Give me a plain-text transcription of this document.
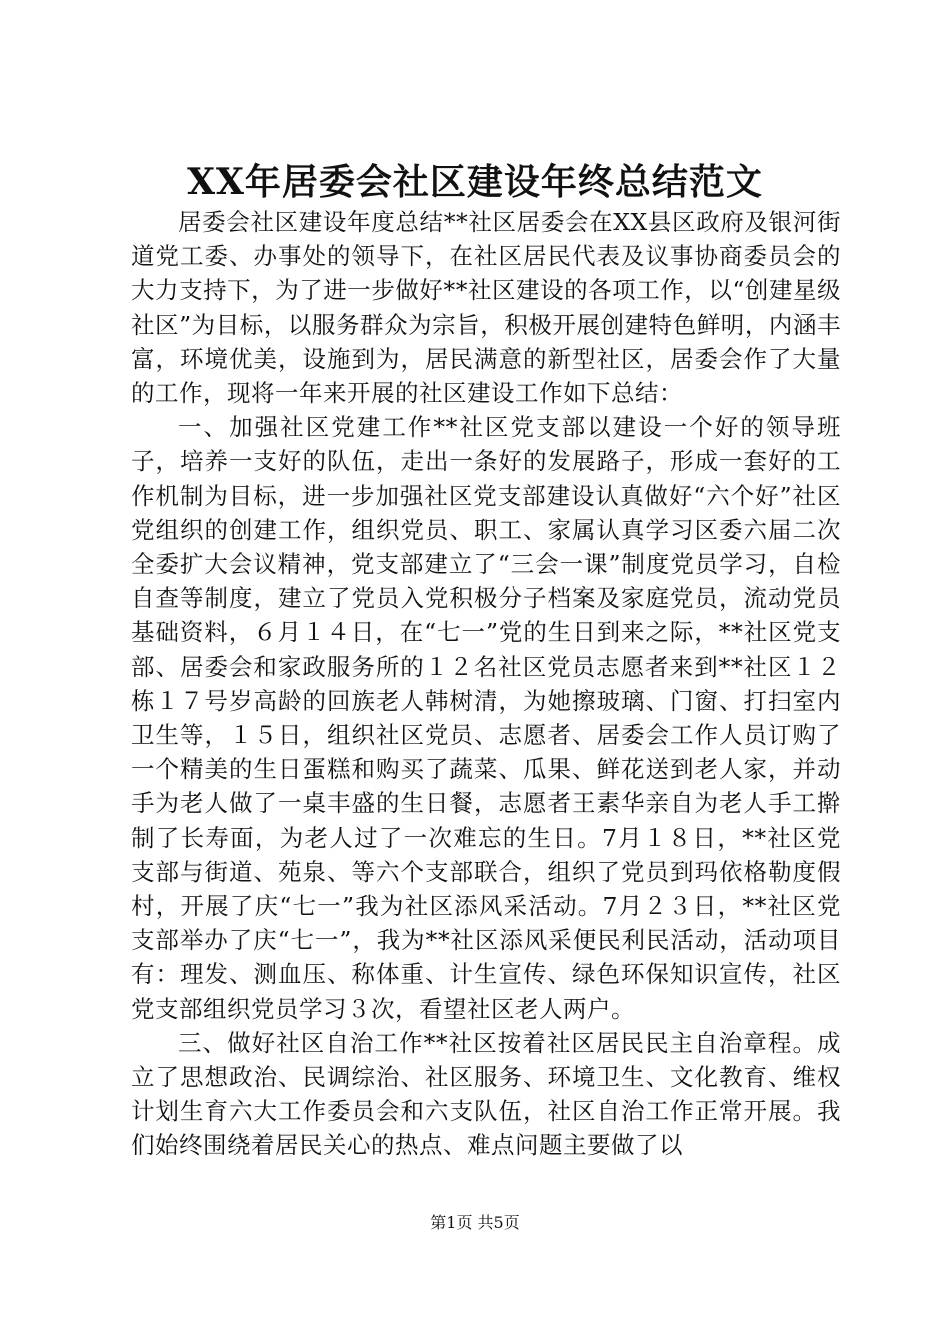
XX年居委会社区建设年终总结范文

居委会社区建设年度总结**社区居委会在XX县区政府及银河街道党工委、办事处的领导下，在社区居民代表及议事协商委员会的大力支持下，为了进一步做好**社区建设的各项工作，以“创建星级社区”为目标，以服务群众为宗旨，积极开展创建特色鲜明，内涵丰富，环境优美，设施到为，居民满意的新型社区，居委会作了大量的工作，现将一年来开展的社区建设工作如下总结：

一、加强社区党建工作**社区党支部以建设一个好的领导班子，培养一支好的队伍，走出一条好的发展路子，形成一套好的工作机制为目标，进一步加强社区党支部建设认真做好“六个好”社区党组织的创建工作，组织党员、职工、家属认真学习区委六届二次全委扩大会议精神，党支部建立了“三会一课”制度党员学习，自检自查等制度，建立了党员入党积极分子档案及家庭党员，流动党员基础资料，６月１４日，在“七一”党的生日到来之际，**社区党支部、居委会和家政服务所的１２名社区党员志愿者来到**社区１２栋１７号岁高龄的回族老人韩树清，为她擦玻璃、门窗、打扫室内卫生等，１５日，组织社区党员、志愿者、居委会工作人员订购了一个精美的生日蛋糕和购买了蔬菜、瓜果、鲜花送到老人家，并动手为老人做了一桌丰盛的生日餐，志愿者王素华亲自为老人手工擀制了长寿面，为老人过了一次难忘的生日。7月１８日，**社区党支部与街道、苑泉、等六个支部联合，组织了党员到玛依格勒度假村，开展了庆“七一”我为社区添风采活动。7月２３日，**社区党支部举办了庆“七一”，我为**社区添风采便民利民活动，活动项目有：理发、测血压、称体重、计生宣传、绿色环保知识宣传，社区党支部组织党员学习３次，看望社区老人两户。

三、做好社区自治工作**社区按着社区居民民主自治章程。成立了思想政治、民调综治、社区服务、环境卫生、文化教育、维权计划生育六大工作委员会和六支队伍，社区自治工作正常开展。我们始终围绕着居民关心的热点、难点问题主要做了以

第1页 共5页
